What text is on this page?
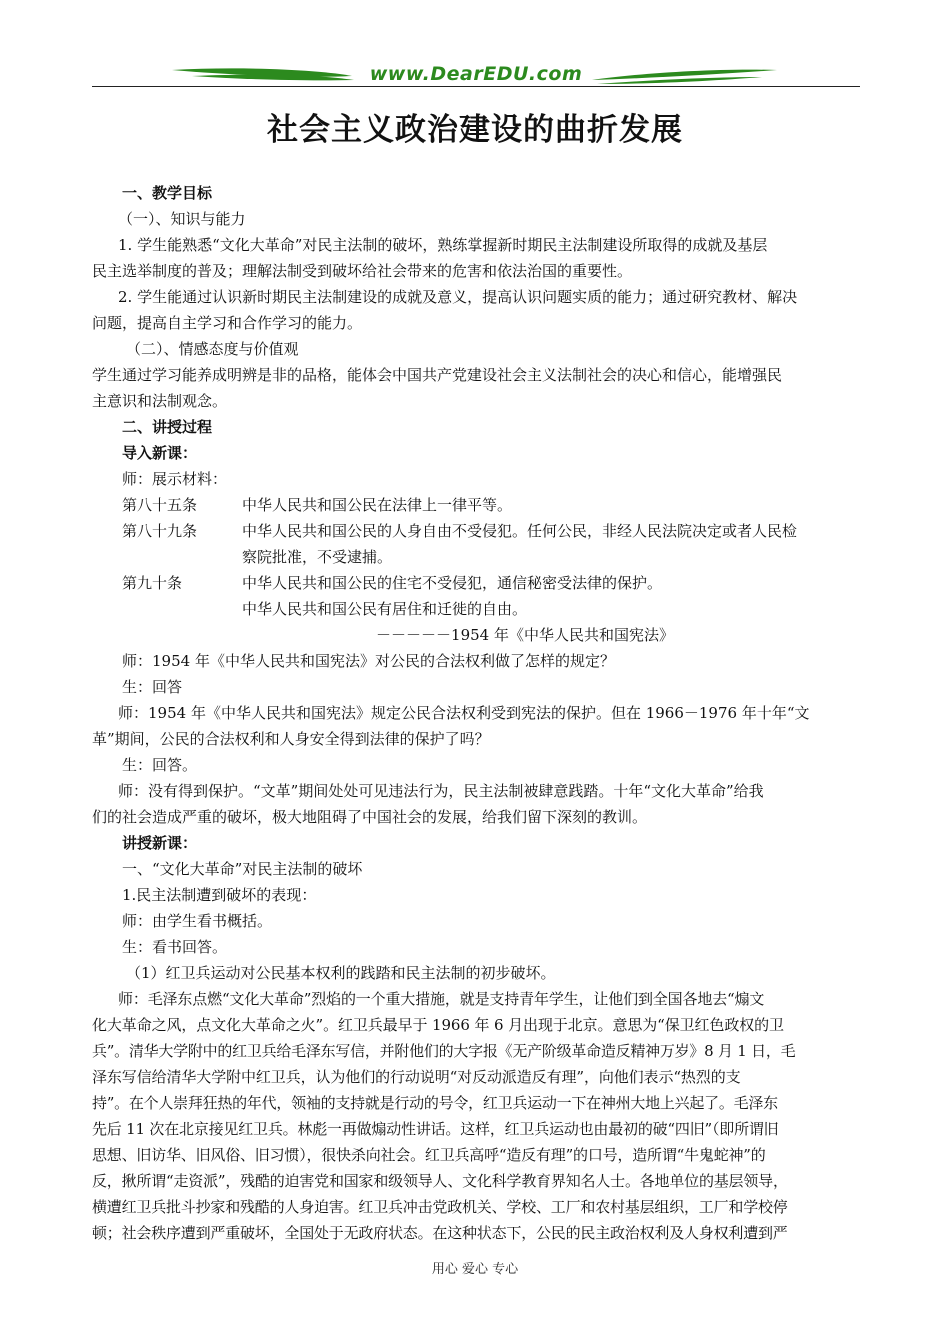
www.DearEDU.com
社会主义政治建设的曲折发展
一、教学目标
（一）、知识与能力
1. 学生能熟悉“文化大革命”对民主法制的破坏，熟练掌握新时期民主法制建设所取得的成就及基层
民主选举制度的普及；理解法制受到破坏给社会带来的危害和依法治国的重要性。
2. 学生能通过认识新时期民主法制建设的成就及意义，提高认识问题实质的能力；通过研究教材、解决
问题，提高自主学习和合作学习的能力。
（二）、情感态度与价值观
学生通过学习能养成明辨是非的品格，能体会中国共产党建设社会主义法制社会的决心和信心，能增强民
主意识和法制观念。
二、讲授过程
导入新课：
师：展示材料：
第八十五条	中华人民共和国公民在法律上一律平等。
第八十九条	中华人民共和国公民的人身自由不受侵犯。任何公民，非经人民法院决定或者人民检
察院批准，不受逮捕。
第九十条	中华人民共和国公民的住宅不受侵犯，通信秘密受法律的保护。
中华人民共和国公民有居住和迁徙的自由。
－－－－－1954 年《中华人民共和国宪法》
师：1954 年《中华人民共和国宪法》对公民的合法权利做了怎样的规定？
生：回答
师：1954 年《中华人民共和国宪法》规定公民合法权利受到宪法的保护。但在 1966－1976 年十年“文
革”期间，公民的合法权利和人身安全得到法律的保护了吗？
生：回答。
师：没有得到保护。“文革”期间处处可见违法行为，民主法制被肆意践踏。十年“文化大革命”给我
们的社会造成严重的破坏，极大地阻碍了中国社会的发展，给我们留下深刻的教训。
讲授新课：
一、“文化大革命”对民主法制的破坏
1.民主法制遭到破坏的表现：
师：由学生看书概括。
生：看书回答。
（1）红卫兵运动对公民基本权利的践踏和民主法制的初步破坏。
师：毛泽东点燃“文化大革命”烈焰的一个重大措施，就是支持青年学生，让他们到全国各地去“煽文
化大革命之风，点文化大革命之火”。红卫兵最早于 1966 年 6 月出现于北京。意思为“保卫红色政权的卫
兵”。清华大学附中的红卫兵给毛泽东写信，并附他们的大字报《无产阶级革命造反精神万岁》8 月 1 日，毛
泽东写信给清华大学附中红卫兵，认为他们的行动说明“对反动派造反有理”，向他们表示“热烈的支
持”。在个人崇拜狂热的年代，领袖的支持就是行动的号令，红卫兵运动一下在神州大地上兴起了。毛泽东
先后 11 次在北京接见红卫兵。林彪一再做煽动性讲话。这样，红卫兵运动也由最初的破“四旧”（即所谓旧
思想、旧访华、旧风俗、旧习惯），很快杀向社会。红卫兵高呼“造反有理”的口号，造所谓“牛鬼蛇神”的
反，揪所谓“走资派”，残酷的迫害党和国家和级领导人、文化科学教育界知名人士。各地单位的基层领导，
横遭红卫兵批斗抄家和残酷的人身迫害。红卫兵冲击党政机关、学校、工厂和农村基层组织，工厂和学校停
顿；社会秩序遭到严重破坏，全国处于无政府状态。在这种状态下，公民的民主政治权利及人身权利遭到严
用心 爱心 专心
